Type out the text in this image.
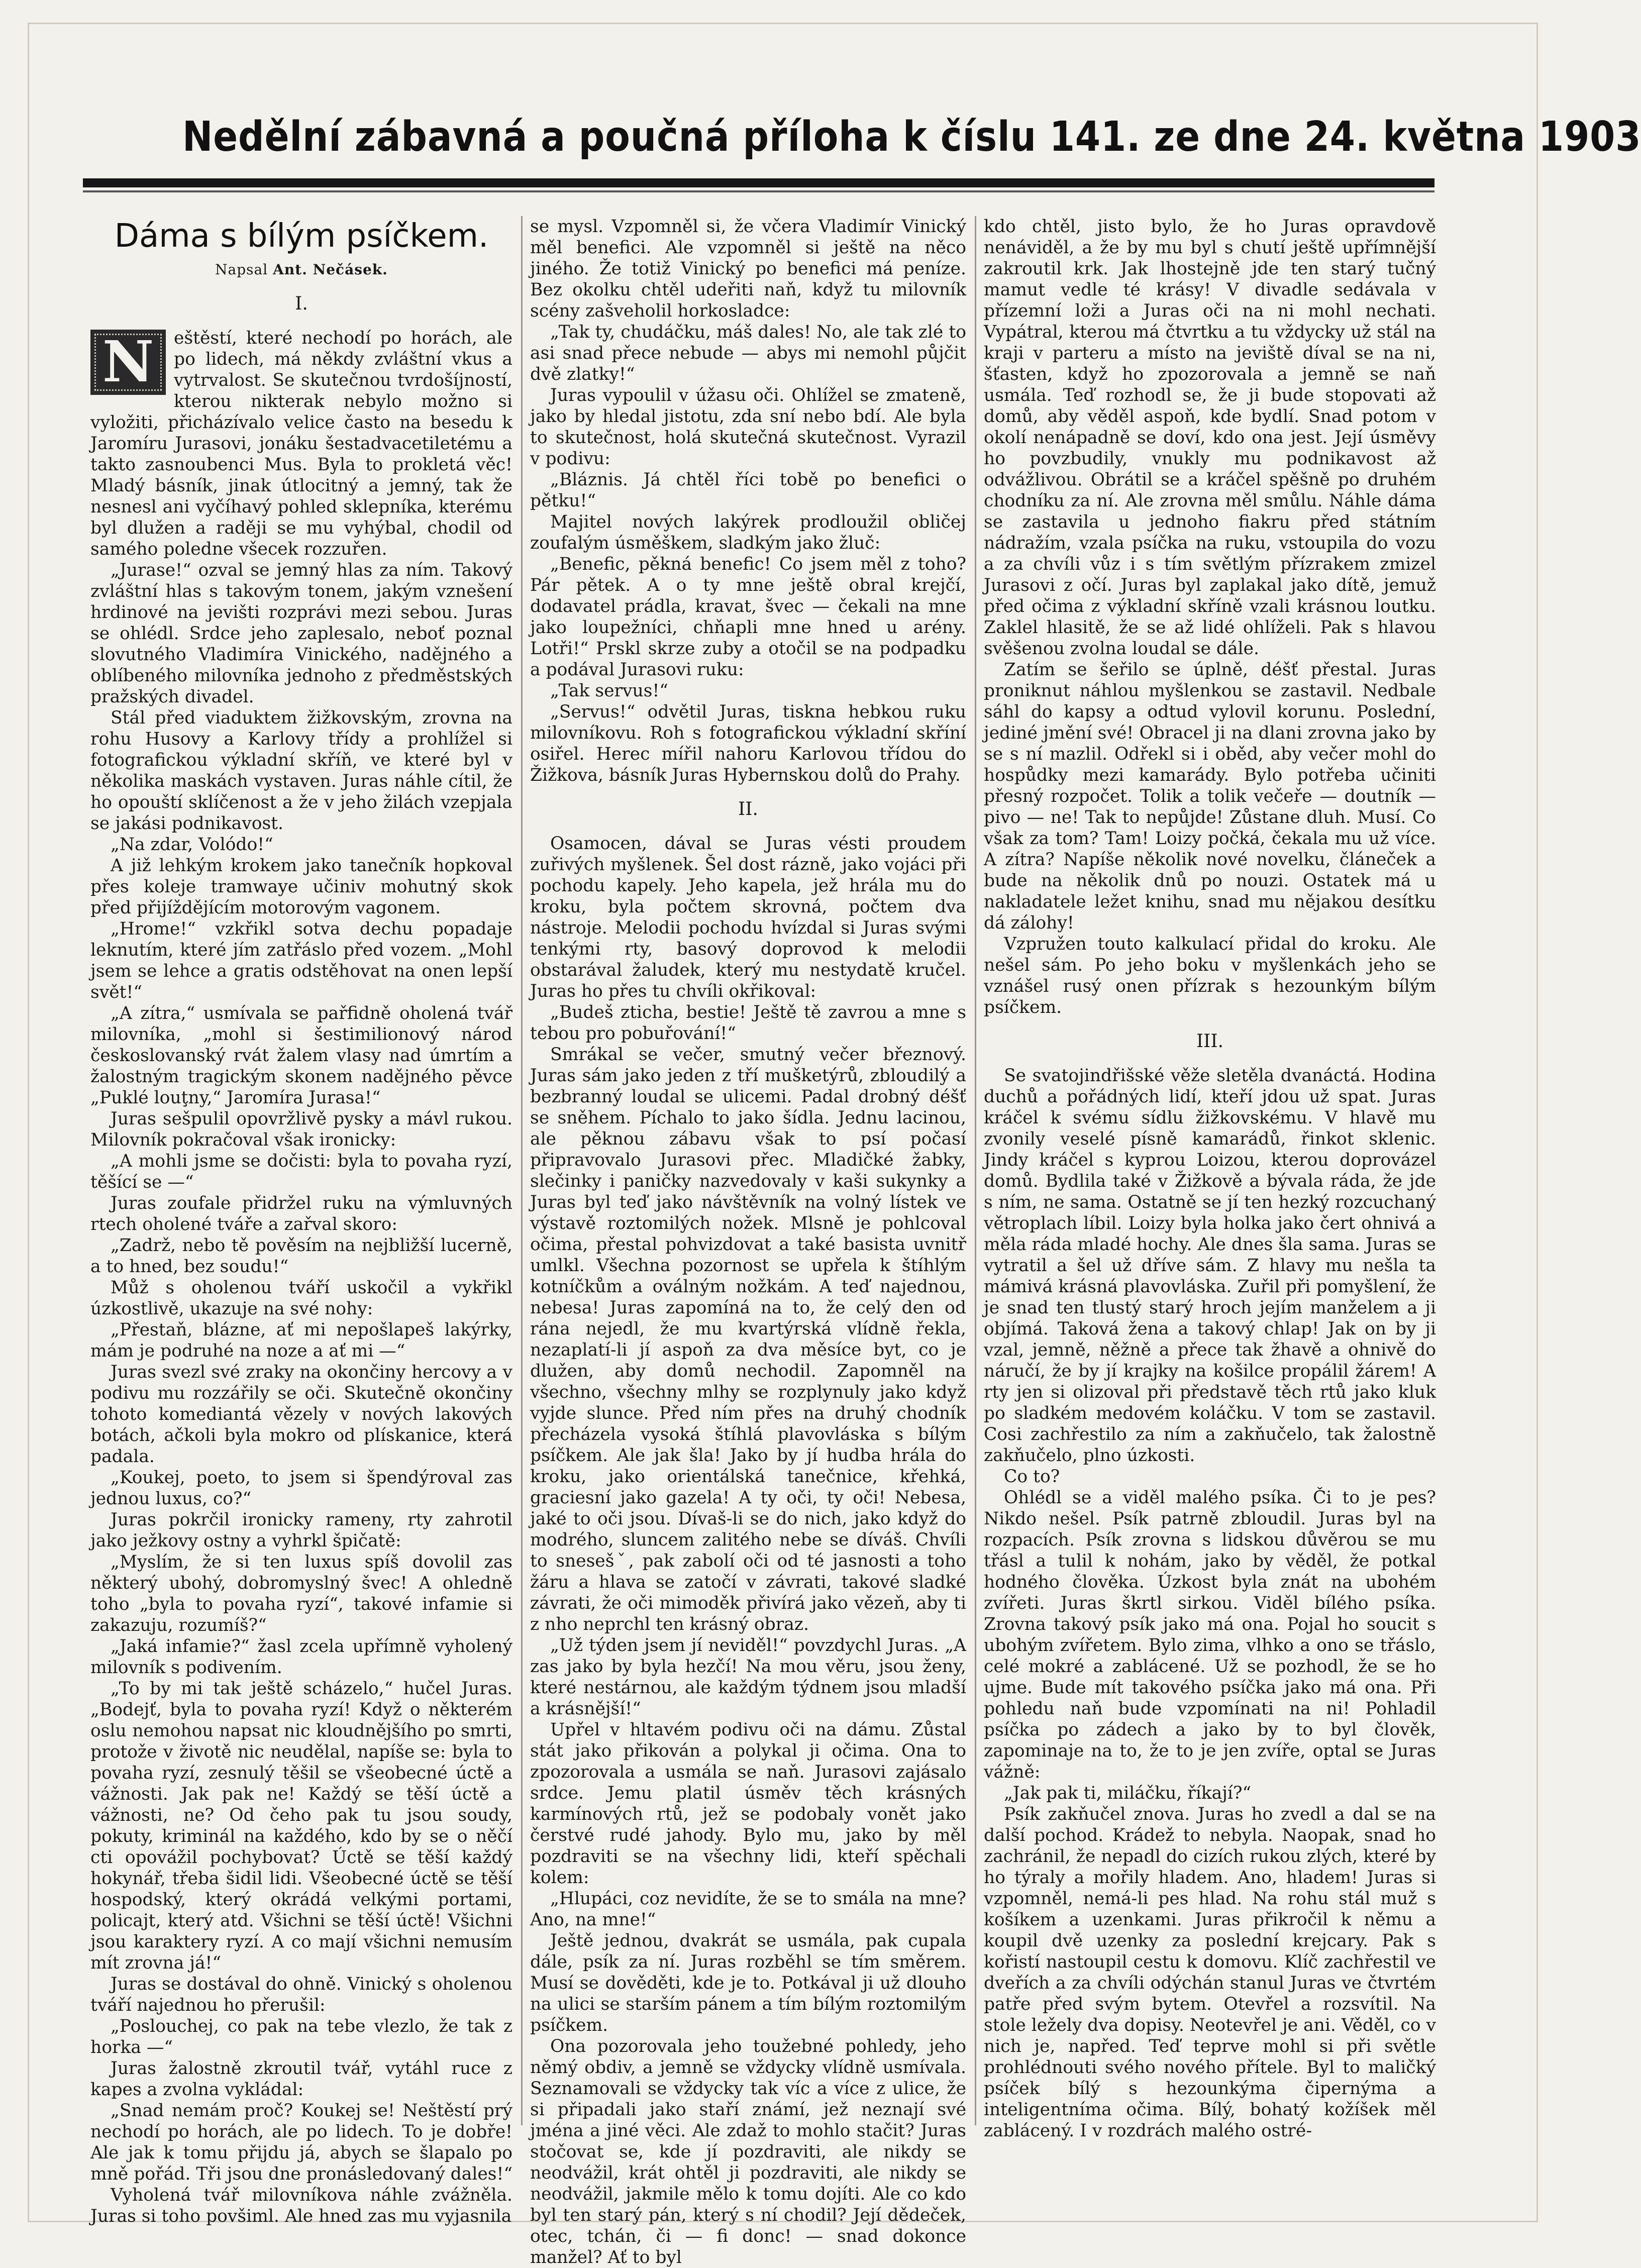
Nedělní zábavná a poučná příloha k číslu 141. ze dne 24. května 1903
Dáma s bílým psíčkem.
Napsal Ant. Nečásek.

I.

N	eštěstí, které nechodí po horách, ale po lidech, má někdy zvláštní vkus a vytrvalost. Se skutečnou tvrdošíjností, kterou nikterak nebylo možno si vyložiti, přicházívalo velice často na besedu k Jaromíru Jurasovi, jonáku šestadvacetiletému a takto zasnoubenci Mus. Byla to prokletá věc! Mladý básník, jinak útlocitný a jemný, tak že nesnesl ani vyčíhavý pohled sklepníka, kterému byl dlužen a raději se mu vyhýbal, chodil od samého poledne všecek rozzuřen.

„Jurase!“ ozval se jemný hlas za ním. Takový zvláštní hlas s takovým tonem, jakým vznešení hrdinové na jevišti rozprávi mezi sebou. Juras se ohlédl. Srdce jeho zaplesalo, neboť poznal slovutného Vladimíra Vinického, nadějného a oblíbeného milovníka jednoho z předměstských pražských divadel.

Stál před viaduktem žižkovským, zrovna na rohu Husovy a Karlovy třídy a prohlížel si fotografickou výkladní skříň, ve které byl v několika maskách vystaven. Juras náhle cítil, že ho opouští sklíčenost a že v jeho žilách vzepjala se jakási podnikavost.

„Na zdar, Volódo!“

A již lehkým krokem jako tanečník hopkoval přes koleje tramwaye učiniv mohutný skok před přijíždějícím motorovým vagonem.

„Hrome!“ vzkřikl sotva dechu popadaje leknutím, které jím zatřáslo před vozem. „Mohl jsem se lehce a gratis odstěhovat na onen lepší svět!“

„A zítra,“ usmívala se pařfidně oholená tvář milovníka, „mohl si šestimilionový národ českoslovanský rvát žalem vlasy nad úmrtím a žalostným tragickým skonem nadějného pěvce „Puklé louţny,“ Jaromíra Jurasa!“

Juras sešpulil opovržlivě pysky a mávl rukou. Milovník pokračoval však ironicky:

„A mohli jsme se dočisti: byla to povaha ryzí, těšící se —“

Juras zoufale přidržel ruku na výmluvných rtech oholené tváře a zařval skoro:

„Zadrž, nebo tě pověsím na nejbližší lucerně, a to hned, bez soudu!“

Můž s oholenou tváří uskočil a vykřikl úzkostlivě, ukazuje na své nohy:

„Přestaň, blázne, ať mi nepošlapeš lakýrky, mám je podruhé na noze a ať mi —“

Juras svezl své zraky na okončiny hercovy a v podivu mu rozzářily se oči. Skutečně okončiny tohoto komediantá vězely v nových lakových botách, ačkoli byla mokro od plískanice, která padala.

„Koukej, poeto, to jsem si špendýroval zas jednou luxus, co?“

Juras pokrčil ironicky rameny, rty zahrotil jako ježkovy ostny a vyhrkl špičatě:

„Myslím, že si ten luxus spíš dovolil zas některý ubohý, dobromyslný švec! A ohledně toho „byla to povaha ryzí“, takové infamie si zakazuju, rozumíš?“

„Jaká infamie?“ žasl zcela upřímně vyholený milovník s podivením.

„To by mi tak ještě scházelo,“ hučel Juras. „Bodejť, byla to povaha ryzí! Když o některém oslu nemohou napsat nic kloudnějšího po smrti, protože v životě nic neudělal, napíše se: byla to povaha ryzí, zesnulý těšil se všeobecné úctě a vážnosti. Jak pak ne! Každý se těší úctě a vážnosti, ne? Od čeho pak tu jsou soudy, pokuty, kriminál na každého, kdo by se o něčí cti opovážil pochybovat? Úctě se těší každý hokynář, třeba šidil lidi. Všeobecné úctě se těší hospodský, který okrádá velkými portami, policajt, který atd. Všichni se těší úctě! Všichni jsou karaktery ryzí. A co mají všichni nemusím mít zrovna já!“

Juras se dostával do ohně. Vinický s oholenou tváří najednou ho přerušil:

„Poslouchej, co pak na tebe vlezlo, že tak z horka —“

Juras žalostně zkroutil tvář, vytáhl ruce z kapes a zvolna vykládal:

„Snad nemám proč? Koukej se! Neštěstí prý nechodí po horách, ale po lidech. To je dobře! Ale jak k tomu přijdu já, abych se šlapalo po mně pořád. Tři jsou dne pronásledovaný dales!“

Vyholená tvář milovníkova náhle zvážněla. Juras si toho povšiml. Ale hned zas mu vyjasnila

se mysl. Vzpomněl si, že včera Vladimír Vinický měl benefici. Ale vzpomněl si ještě na něco jiného. Že totiž Vinický po benefici má peníze. Bez okolku chtěl udeřiti naň, když tu milovník scény zašveholil horkosladce:

„Tak ty, chudáčku, máš dales! No, ale tak zlé to asi snad přece nebude — abys mi nemohl půjčit dvě zlatky!“

Juras vypoulil v úžasu oči. Ohlížel se zmateně, jako by hledal jistotu, zda sní nebo bdí. Ale byla to skutečnost, holá skutečná skutečnost. Vyrazil v podivu:

„Bláznis. Já chtěl říci tobě po benefici o pětku!“

Majitel nových lakýrek prodloužil obličej zoufalým úsměškem, sladkým jako žluč:

„Benefic, pěkná benefic! Co jsem měl z toho? Pár pětek. A o ty mne ještě obral krejčí, dodavatel prádla, kravat, švec — čekali na mne jako loupežníci, chňapli mne hned u arény. Lotři!“ Prskl skrze zuby a otočil se na podpadku a podával Jurasovi ruku:

„Tak servus!“

„Servus!“ odvětil Juras, tiskna hebkou ruku milovníkovu. Roh s fotografickou výkladní skříní osiřel. Herec mířil nahoru Karlovou třídou do Žižkova, básník Juras Hybernskou dolů do Prahy.

II.

Osamocen, dával se Juras vésti proudem zuřivých myšlenek. Šel dost rázně, jako vojáci při pochodu kapely. Jeho kapela, jež hrála mu do kroku, byla počtem skrovná, počtem dva nástroje. Melodii pochodu hvízdal si Juras svými tenkými rty, basový doprovod k melodii obstarával žaludek, který mu nestydatě kručel. Juras ho přes tu chvíli okřikoval:

„Budeš zticha, bestie! Ještě tě zavrou a mne s tebou pro pobuřování!“

Smrákal se večer, smutný večer březnový. Juras sám jako jeden z tří mušketýrů, zbloudilý a bezbranný loudal se ulicemi. Padal drobný déšť se sněhem. Píchalo to jako šídla. Jednu lacinou, ale pěknou zábavu však to psí počasí připravovalo Jurasovi přec. Mladičké žabky, slečinky i paničky nazvedovaly v kaši sukynky a Juras byl teď jako návštěvník na volný lístek ve výstavě roztomilých nožek. Mlsně je pohlcoval očima, přestal pohvizdovat a také basista uvnitř umlkl. Všechna pozornost se upřela k štíhlým kotníčkům a oválným nožkám. A teď najednou, nebesa! Juras zapomíná na to, že celý den od rána nejedl, že mu kvartýrská vlídně řekla, nezaplatí-li jí aspoň za dva měsíce byt, co je dlužen, aby domů nechodil. Zapomněl na všechno, všechny mlhy se rozplynuly jako když vyjde slunce. Před ním přes na druhý chodník přecházela vysoká štíhlá plavovláska s bílým psíčkem. Ale jak šla! Jako by jí hudba hrála do kroku, jako orientálská tanečnice, křehká, graciesní jako gazela! A ty oči, ty oči! Nebesa, jaké to oči jsou. Dívaš-li se do nich, jako když do modrého, sluncem zalitého nebe se díváš. Chvíli to snesešˇ, pak zabolí oči od té jasnosti a toho žáru a hlava se zatočí v závrati, takové sladké závrati, že oči mimoděk přivírá jako vězeň, aby ti z nho neprchl ten krásný obraz.

„Už týden jsem jí neviděl!“ povzdychl Juras. „A zas jako by byla hezčí! Na mou věru, jsou ženy, které nestárnou, ale každým týdnem jsou mladší a krásnější!“

Upřel v hltavém podivu oči na dámu. Zůstal stát jako přikován a polykal ji očima. Ona to zpozorovala a usmála se naň. Jurasovi zajásalo srdce. Jemu platil úsměv těch krásných karmínových rtů, jež se podobaly vonět jako čerstvé rudé jahody. Bylo mu, jako by měl pozdraviti se na všechny lidi, kteří spěchali kolem:

„Hlupáci, coz nevidíte, že se to smála na mne? Ano, na mne!“

Ještě jednou, dvakrát se usmála, pak cupala dále, psík za ní. Juras rozběhl se tím směrem. Musí se dověděti, kde je to. Potkával ji už dlouho na ulici se starším pánem a tím bílým roztomilým psíčkem.

Ona pozorovala jeho toužebné pohledy, jeho němý obdiv, a jemně se vždycky vlídně usmívala. Seznamovali se vždycky tak víc a více z ulice, že si připadali jako staří známí, jež neznají své jména a jiné věci. Ale zdaž to mohlo stačit? Juras stočovat se, kde jí pozdraviti, ale nikdy se neodvážil, krát ohtěl ji pozdraviti, ale nikdy se neodvážil, jakmile mělo k tomu dojíti. Ale co kdo byl ten starý pán, který s ní chodil? Její dědeček, otec, tchán, či — fi donc! — snad dokonce manžel? Ať to byl

kdo chtěl, jisto bylo, že ho Juras opravdově nenáviděl, a že by mu byl s chutí ještě upřímnější zakroutil krk. Jak lhostejně jde ten starý tučný mamut vedle té krásy! V divadle sedávala v přízemní loži a Juras oči na ni mohl nechati. Vypátral, kterou má čtvrtku a tu vždycky už stál na kraji v parteru a místo na jeviště díval se na ni, šťasten, když ho zpozorovala a jemně se naň usmála. Teď rozhodl se, že ji bude stopovati až domů, aby věděl aspoň, kde bydlí. Snad potom v okolí nenápadně se doví, kdo ona jest. Její úsměvy ho povzbudily, vnukly mu podnikavost až odvážlivou. Obrátil se a kráčel spěšně po druhém chodníku za ní. Ale zrovna měl smůlu. Náhle dáma se zastavila u jednoho fiakru před státním nádražím, vzala psíčka na ruku, vstoupila do vozu a za chvíli vůz i s tím světlým přízrakem zmizel Jurasovi z očí. Juras byl zaplakal jako dítě, jemuž před očima z výkladní skříně vzali krásnou loutku. Zaklel hlasitě, že se až lidé ohlíželi. Pak s hlavou svěšenou zvolna loudal se dále.

Zatím se šeřilo se úplně, déšť přestal. Juras proniknut náhlou myšlenkou se zastavil. Nedbale sáhl do kapsy a odtud vylovil korunu. Poslední, jediné jmění své! Obracel ji na dlani zrovna jako by se s ní mazlil. Odřekl si i oběd, aby večer mohl do hospůdky mezi kamarády. Bylo potřeba učiniti přesný rozpočet. Tolik a tolik večeře — doutník — pivo — ne! Tak to nepůjde! Zůstane dluh. Musí. Co však za tom? Tam! Loizy počká, čekala mu už více. A zítra? Napíše několik nové novelku, článeček a bude na několik dnů po nouzi. Ostatek má u nakladatele ležet knihu, snad mu nějakou desítku dá zálohy!

Vzpružen touto kalkulací přidal do kroku. Ale nešel sám. Po jeho boku v myšlenkách jeho se vznášel rusý onen přízrak s hezounkým bílým psíčkem.

III.

Se svatojindřišské věže sletěla dvanáctá. Hodina duchů a pořádných lidí, kteří jdou už spat. Juras kráčel k svému sídlu žižkovskému. V hlavě mu zvonily veselé písně kamarádů, řinkot sklenic. Jindy kráčel s kyprou Loizou, kterou doprovázel domů. Bydlila také v Žižkově a bývala ráda, že jde s ním, ne sama. Ostatně se jí ten hezký rozcuchaný větroplach líbil. Loizy byla holka jako čert ohnivá a měla ráda mladé hochy. Ale dnes šla sama. Juras se vytratil a šel už dříve sám. Z hlavy mu nešla ta mámivá krásná plavovláska. Zuřil při pomyšlení, že je snad ten tlustý starý hroch jejím manželem a ji objímá. Taková žena a takový chlap! Jak on by ji vzal, jemně, něžně a přece tak žhavě a ohnivě do náručí, že by jí krajky na košilce propálil žárem! A rty jen si olizoval při představě těch rtů jako kluk po sladkém medovém koláčku. V tom se zastavil. Cosi zachřestilo za ním a zakňučelo, tak žalostně zakňučelo, plno úzkosti.

Co to?

Ohlédl se a viděl malého psíka. Či to je pes? Nikdo nešel. Psík patrně zbloudil. Juras byl na rozpacích. Psík zrovna s lidskou důvěrou se mu třásl a tulil k nohám, jako by věděl, že potkal hodného člověka. Úzkost byla znát na ubohém zvířeti. Juras škrtl sirkou. Viděl bílého psíka. Zrovna takový psík jako má ona. Pojal ho soucit s ubohým zvířetem. Bylo zima, vlhko a ono se třáslo, celé mokré a zablácené. Už se pozhodl, že se ho ujme. Bude mít takového psíčka jako má ona. Při pohledu naň bude vzpomínati na ni! Pohladil psíčka po zádech a jako by to byl člověk, zapominaje na to, že to je jen zvíře, optal se Juras vážně:

„Jak pak ti, miláčku, říkají?“

Psík zakňučel znova. Juras ho zvedl a dal se na další pochod. Krádež to nebyla. Naopak, snad ho zachránil, že nepadl do cizích rukou zlých, které by ho týraly a mořily hladem. Ano, hladem! Juras si vzpomněl, nemá-li pes hlad. Na rohu stál muž s košíkem a uzenkami. Juras přikročil k němu a koupil dvě uzenky za poslední krejcary. Pak s kořistí nastoupil cestu k domovu. Klíč zachřestil ve dveřích a za chvíli odýchán stanul Juras ve čtvrtém patře před svým bytem. Otevřel a rozsvítil. Na stole ležely dva dopisy. Neotevřel je ani. Věděl, co v nich je, napřed. Teď teprve mohl si při světle prohlédnouti svého nového přítele. Byl to maličký psíček bílý s hezounkýma čipernýma a inteligentníma očima. Bílý, bohatý kožíšek měl zablácený. I v rozdrách malého ostré-
